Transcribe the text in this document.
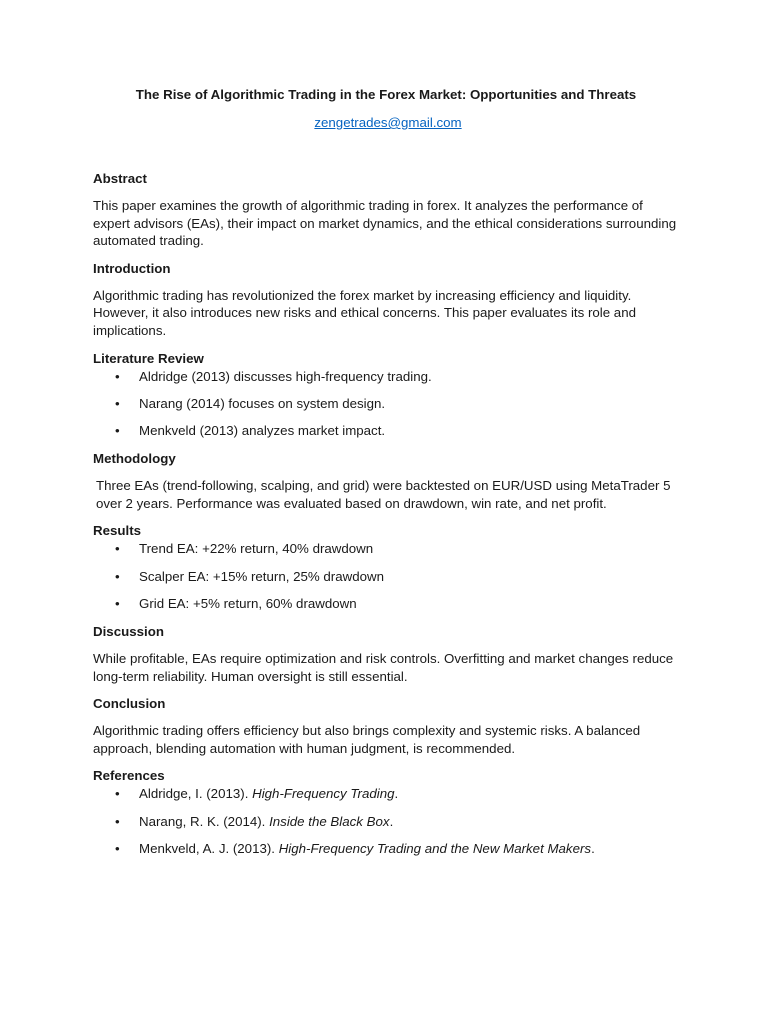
The Rise of Algorithmic Trading in the Forex Market: Opportunities and Threats

zengetrades@gmail.com

Abstract

This paper examines the growth of algorithmic trading in forex. It analyzes the performance of expert advisors (EAs), their impact on market dynamics, and the ethical considerations surrounding automated trading.

Introduction

Algorithmic trading has revolutionized the forex market by increasing efficiency and liquidity. However, it also introduces new risks and ethical concerns. This paper evaluates its role and implications.

Literature Review

• Aldridge (2013) discusses high-frequency trading.
• Narang (2014) focuses on system design.
• Menkveld (2013) analyzes market impact.

Methodology

Three EAs (trend-following, scalping, and grid) were backtested on EUR/USD using MetaTrader 5 over 2 years. Performance was evaluated based on drawdown, win rate, and net profit.

Results

• Trend EA: +22% return, 40% drawdown
• Scalper EA: +15% return, 25% drawdown
• Grid EA: +5% return, 60% drawdown

Discussion

While profitable, EAs require optimization and risk controls. Overfitting and market changes reduce long-term reliability. Human oversight is still essential.

Conclusion

Algorithmic trading offers efficiency but also brings complexity and systemic risks. A balanced approach, blending automation with human judgment, is recommended.

References

• Aldridge, I. (2013). High-Frequency Trading.
• Narang, R. K. (2014). Inside the Black Box.
• Menkveld, A. J. (2013). High-Frequency Trading and the New Market Makers.
